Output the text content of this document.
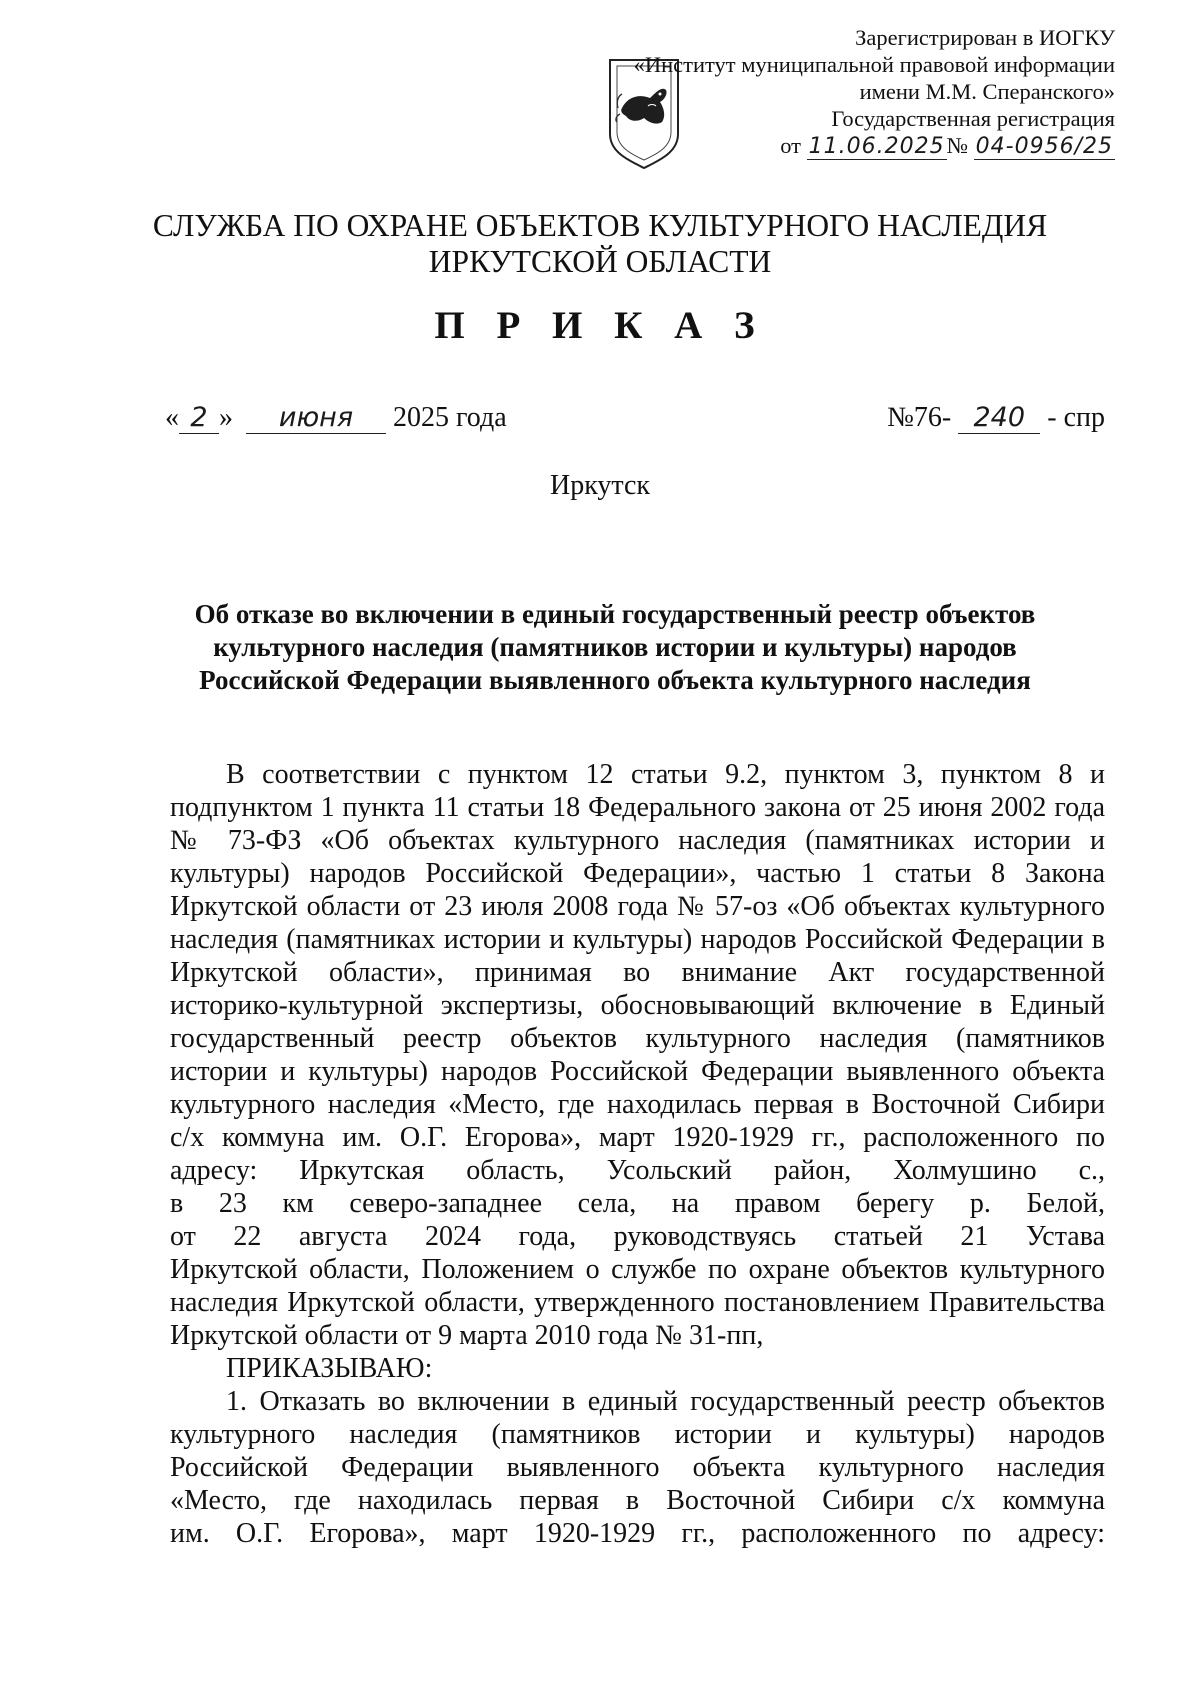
Зарегистрирован в ИОГКУ
«Институт муниципальной правовой информации
имени М.М. Сперанского»
Государственная регистрация
от 11.06.2025№ 04-0956/25
СЛУЖБА ПО ОХРАНЕ ОБЪЕКТОВ КУЛЬТУРНОГО НАСЛЕДИЯ
ИРКУТСКОЙ ОБЛАСТИ
П Р И К А З
« 2 » июня 2025 года	№76- 240 - спр
Иркутск
Об отказе во включении в единый государственный реестр объектов
культурного наследия (памятников истории и культуры) народов
Российской Федерации выявленного объекта культурного наследия
В соответствии с пунктом 12 статьи 9.2, пунктом 3, пунктом 8 и
подпунктом 1 пункта 11 статьи 18 Федерального закона от 25 июня 2002 года
№ 73-ФЗ «Об объектах культурного наследия (памятниках истории и
культуры) народов Российской Федерации», частью 1 статьи 8 Закона
Иркутской области от 23 июля 2008 года № 57-оз «Об объектах культурного
наследия (памятниках истории и культуры) народов Российской Федерации в
Иркутской области», принимая во внимание Акт государственной
историко-культурной экспертизы, обосновывающий включение в Единый
государственный реестр объектов культурного наследия (памятников
истории и культуры) народов Российской Федерации выявленного объекта
культурного наследия «Место, где находилась первая в Восточной Сибири
с/х коммуна им. О.Г. Егорова», март 1920-1929 гг., расположенного по
адресу: Иркутская область, Усольский район, Холмушино с.,
в 23 км северо-западнее села, на правом берегу р. Белой,
от 22 августа 2024 года, руководствуясь статьей 21 Устава
Иркутской области, Положением о службе по охране объектов культурного
наследия Иркутской области, утвержденного постановлением Правительства
Иркутской области от 9 марта 2010 года № 31-пп,
ПРИКАЗЫВАЮ:
1. Отказать во включении в единый государственный реестр объектов
культурного наследия (памятников истории и культуры) народов
Российской Федерации выявленного объекта культурного наследия
«Место, где находилась первая в Восточной Сибири с/х коммуна
им. О.Г. Егорова», март 1920-1929 гг., расположенного по адресу:
